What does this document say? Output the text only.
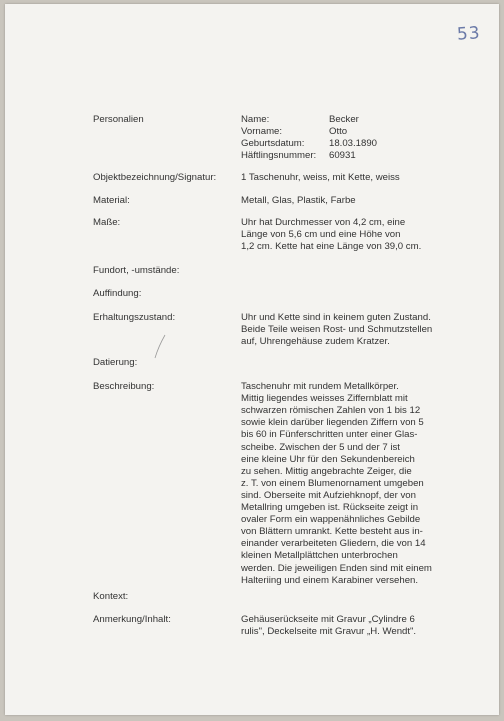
53
Personalien	Name:	Becker
Vorname:	Otto
Geburtsdatum:	18.03.1890
Häftlingsnummer: 60931
Objektbezeichnung/Signatur:	1 Taschenuhr, weiss, mit Kette, weiss
Material:	Metall, Glas, Plastik, Farbe
Maße:	Uhr hat Durchmesser von 4,2 cm, eine
Länge von 5,6 cm und eine Höhe von
1,2 cm. Kette hat eine Länge von 39,0 cm.
Fundort, -umstände:
Auffindung:
Erhaltungszustand:	Uhr und Kette sind in keinem guten Zustand.
Beide Teile weisen Rost- und Schmutzstellen
auf, Uhrengehäuse zudem Kratzer.
Datierung:
Beschreibung:	Taschenuhr mit rundem Metallkörper.
Mittig liegendes weisses Ziffernblatt mit
schwarzen römischen Zahlen von 1 bis 12
sowie klein darüber liegenden Ziffern von 5
bis 60 in Fünferschritten unter einer Glas-
scheibe. Zwischen der 5 und der 7 ist
eine kleine Uhr für den Sekundenbereich
zu sehen. Mittig angebrachte Zeiger, die
z. T. von einem Blumenornament umgeben
sind. Oberseite mit Aufziehknopf, der von
Metallring umgeben ist. Rückseite zeigt in
ovaler Form ein wappenähnliches Gebilde
von Blättern umrankt. Kette besteht aus in-
einander verarbeiteten Gliedern, die von 14
kleinen Metallplättchen unterbrochen
werden. Die jeweiligen Enden sind mit einem
Halteriing und einem Karabiner versehen.
Kontext:
Anmerkung/Inhalt:	Gehäuserückseite mit Gravur „Cylindre 6
rulis", Deckelseite mit Gravur „H. Wendt".
